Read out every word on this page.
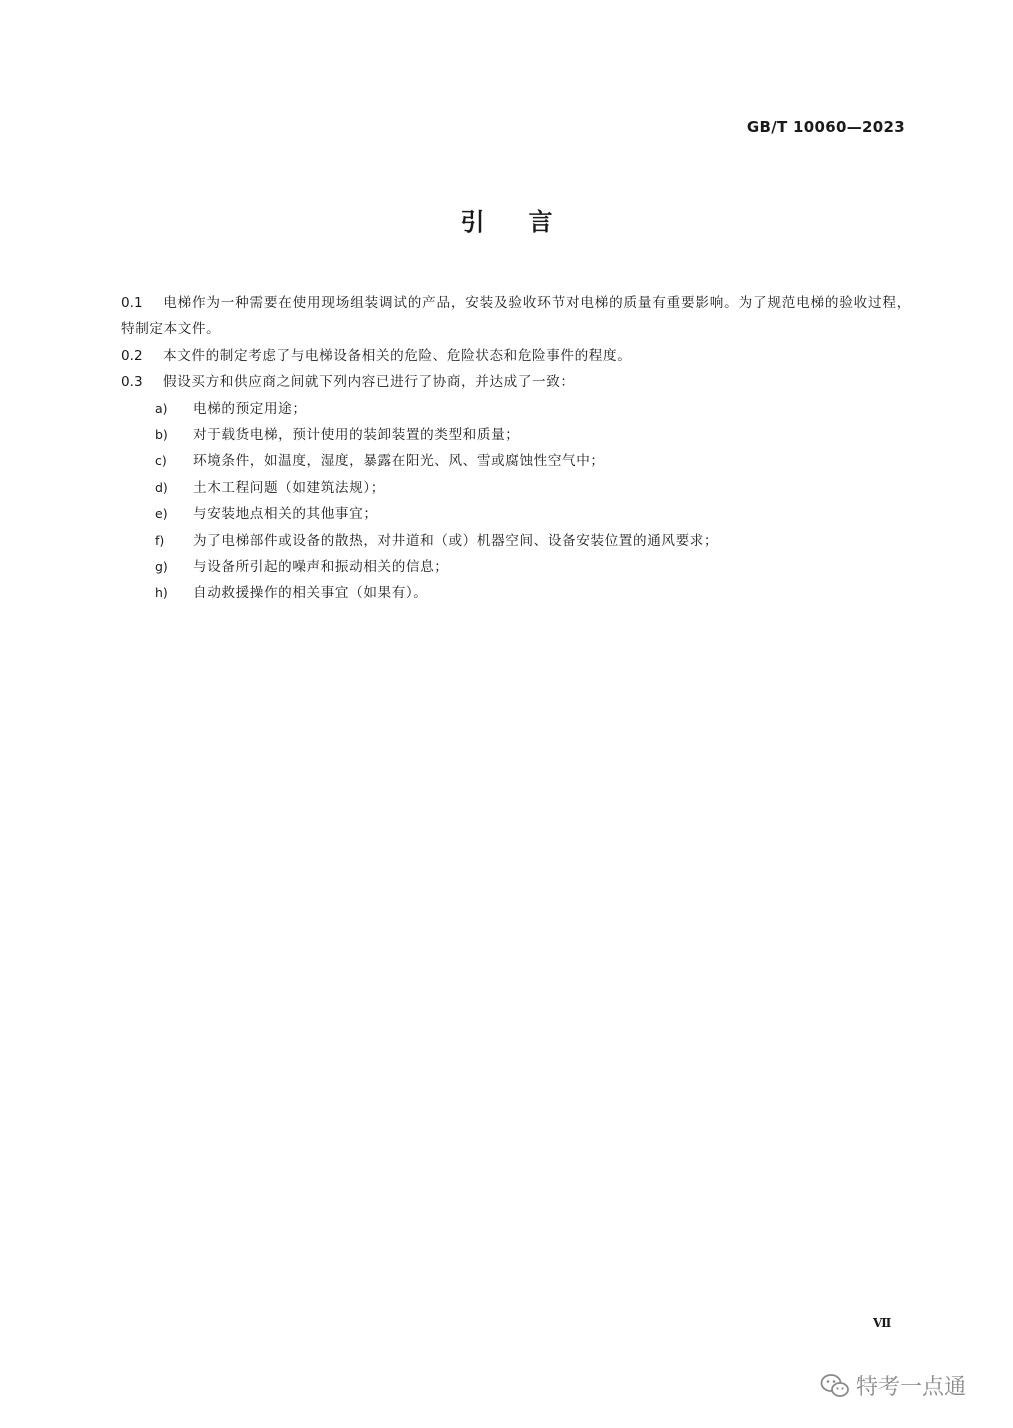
GB/T 10060—2023
引言

0.1 电梯作为一种需要在使用现场组装调试的产品，安装及验收环节对电梯的质量有重要影响。为了规范电梯的验收过程，特制定本文件。

0.2 本文件的制定考虑了与电梯设备相关的危险、危险状态和危险事件的程度。

0.3 假设买方和供应商之间就下列内容已进行了协商，并达成了一致：

a) 电梯的预定用途；
b) 对于载货电梯，预计使用的装卸装置的类型和质量；
c) 环境条件，如温度，湿度，暴露在阳光、风、雪或腐蚀性空气中；
d) 土木工程问题（如建筑法规）；
e) 与安装地点相关的其他事宜；
f) 为了电梯部件或设备的散热，对井道和（或）机器空间、设备安装位置的通风要求；
g) 与设备所引起的噪声和振动相关的信息；
h) 自动救援操作的相关事宜（如果有）。
Ⅶ
特考一点通
